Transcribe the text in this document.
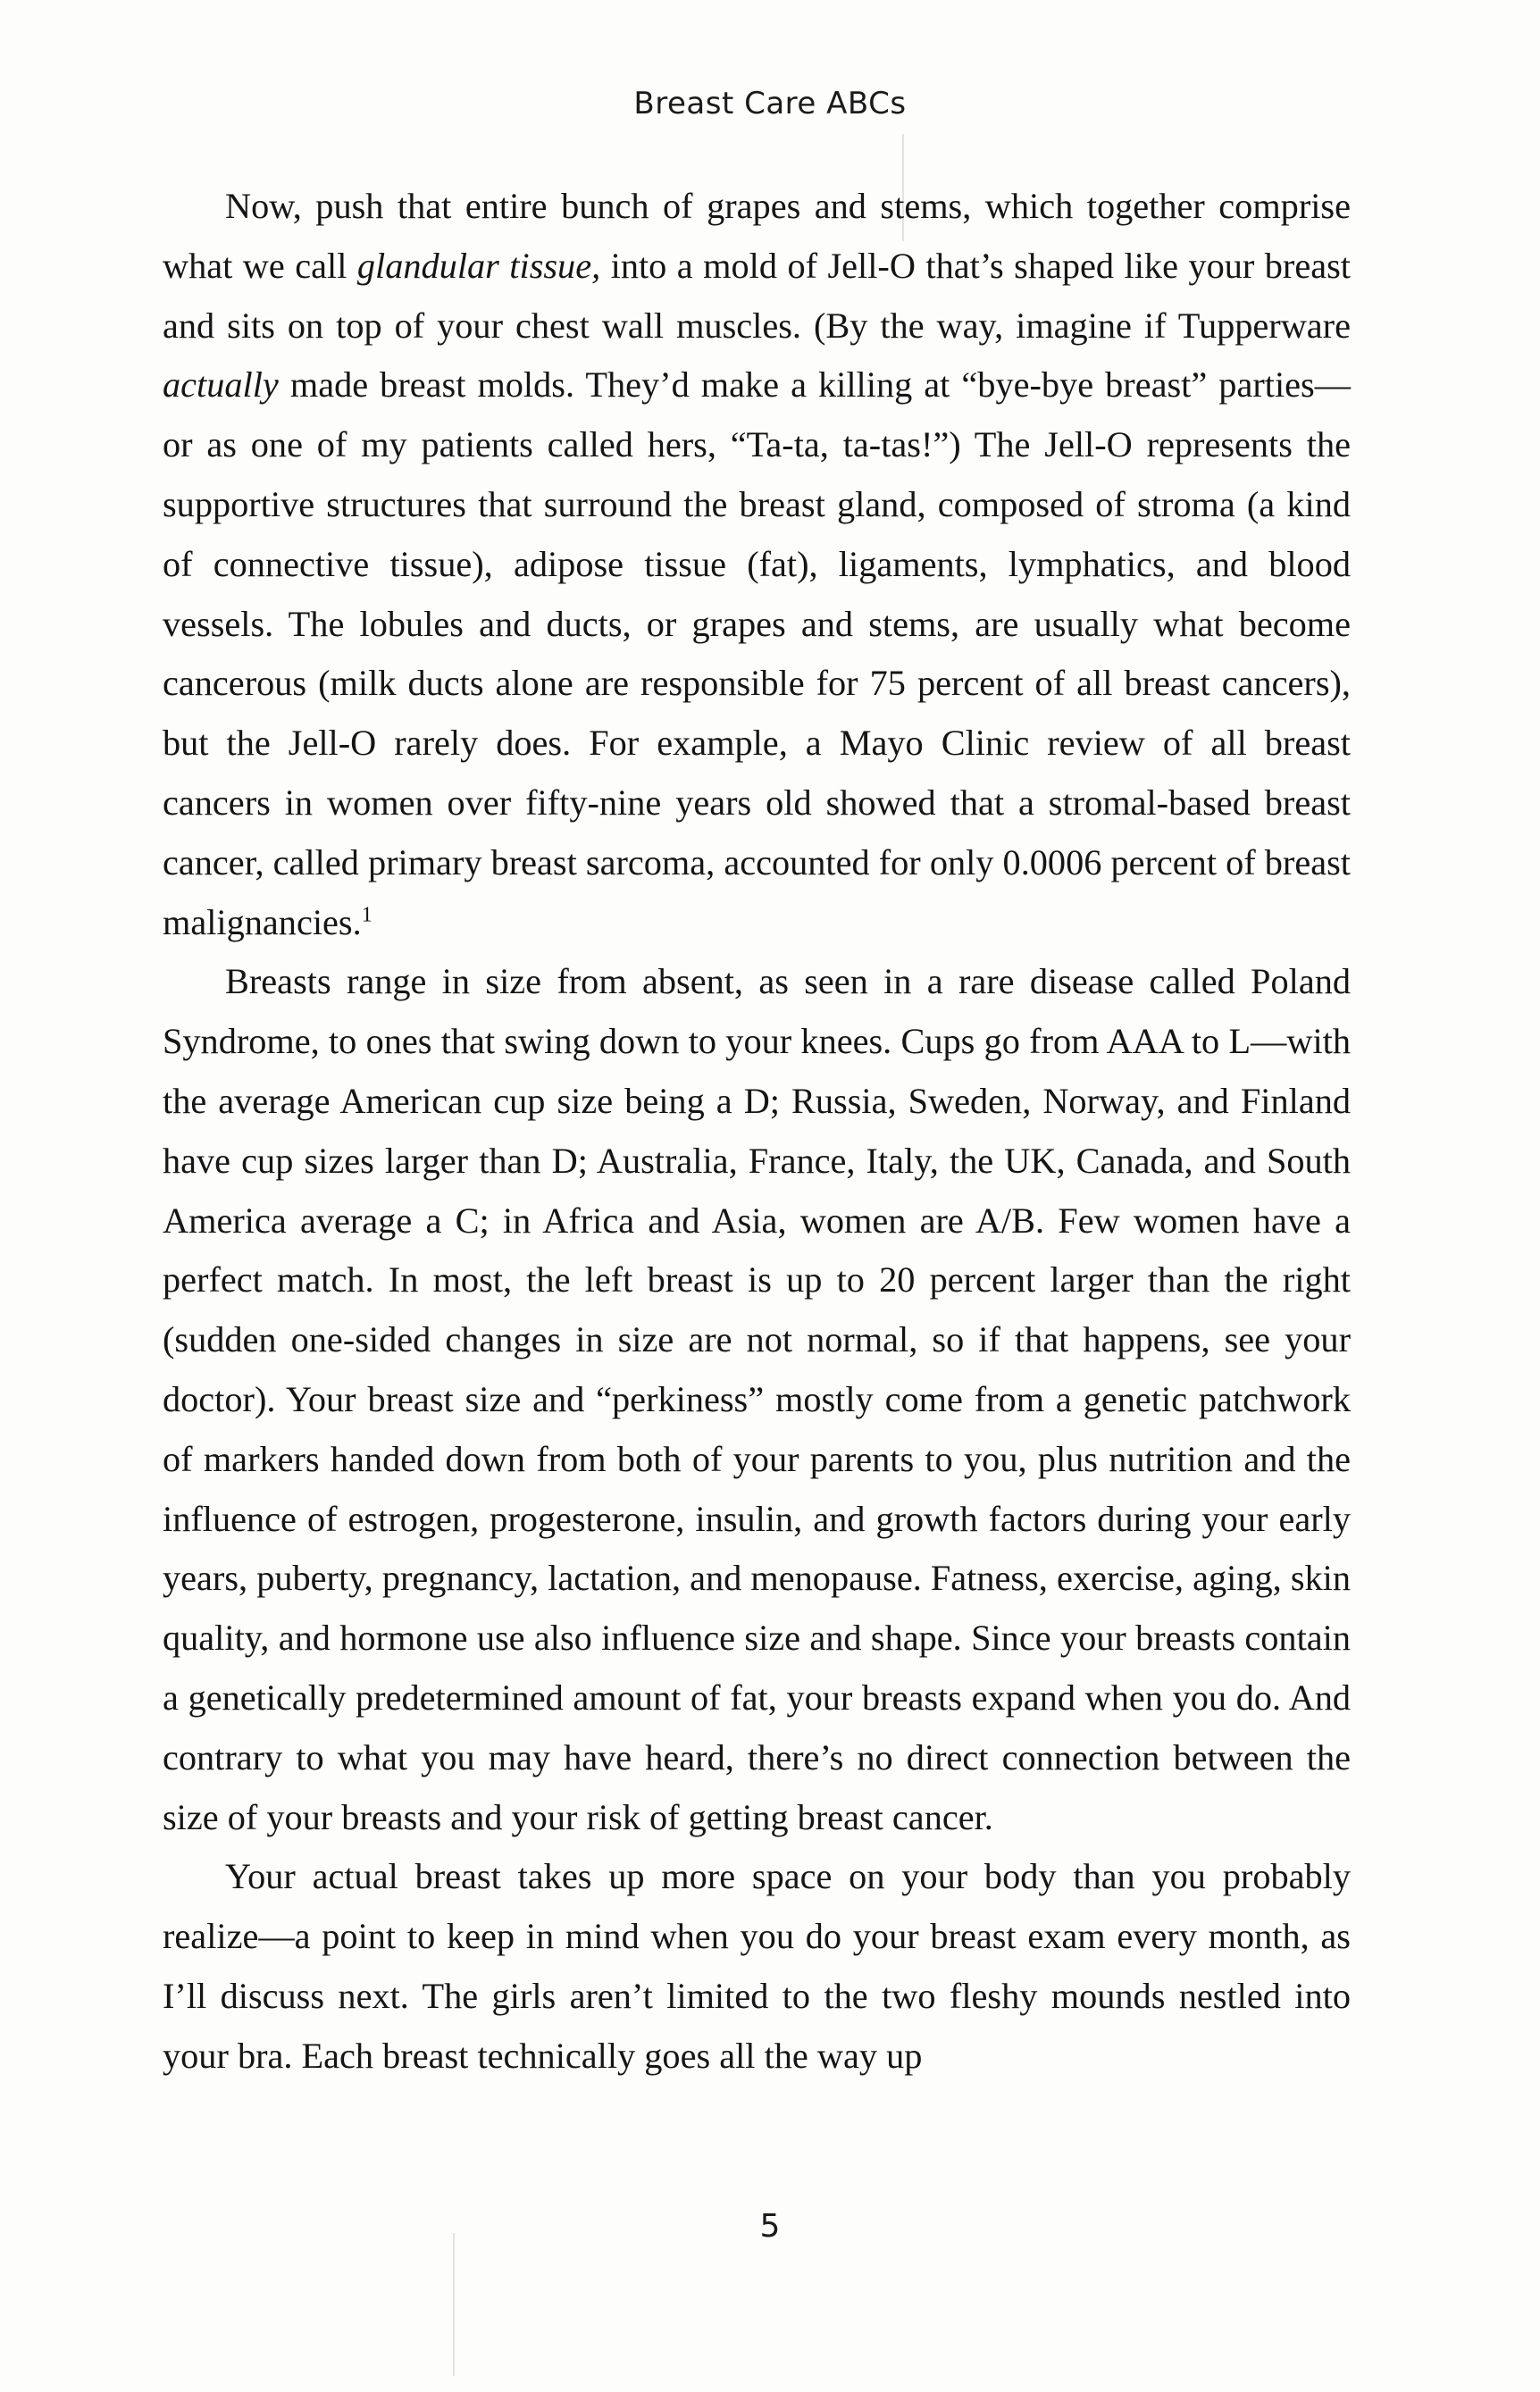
Breast Care ABCs

Now, push that entire bunch of grapes and stems, which together comprise what we call glandular tissue, into a mold of Jell-O that’s shaped like your breast and sits on top of your chest wall muscles. (By the way, imagine if Tupperware actually made breast molds. They’d make a killing at “bye-bye breast” parties—or as one of my patients called hers, “Ta-ta, ta-tas!”) The Jell-O represents the supportive structures that surround the breast gland, composed of stroma (a kind of connective tissue), adipose tissue (fat), ligaments, lymphatics, and blood vessels. The lobules and ducts, or grapes and stems, are usually what become cancerous (milk ducts alone are responsible for 75 percent of all breast cancers), but the Jell-O rarely does. For example, a Mayo Clinic review of all breast cancers in women over fifty-nine years old showed that a stromal-based breast cancer, called primary breast sarcoma, accounted for only 0.0006 percent of breast malignancies.$^1$

Breasts range in size from absent, as seen in a rare disease called Poland Syndrome, to ones that swing down to your knees. Cups go from AAA to L—with the average American cup size being a D; Russia, Sweden, Norway, and Finland have cup sizes larger than D; Australia, France, Italy, the UK, Canada, and South America average a C; in Africa and Asia, women are A/B. Few women have a perfect match. In most, the left breast is up to 20 percent larger than the right (sudden one-sided changes in size are not normal, so if that happens, see your doctor). Your breast size and “perkiness” mostly come from a genetic patchwork of markers handed down from both of your parents to you, plus nutrition and the influence of estrogen, progesterone, insulin, and growth factors during your early years, puberty, pregnancy, lactation, and menopause. Fatness, exercise, aging, skin quality, and hormone use also influence size and shape. Since your breasts contain a genetically predetermined amount of fat, your breasts expand when you do. And contrary to what you may have heard, there’s no direct connection between the size of your breasts and your risk of getting breast cancer.

Your actual breast takes up more space on your body than you probably realize—a point to keep in mind when you do your breast exam every month, as I’ll discuss next. The girls aren’t limited to the two fleshy mounds nestled into your bra. Each breast technically goes all the way up

5
